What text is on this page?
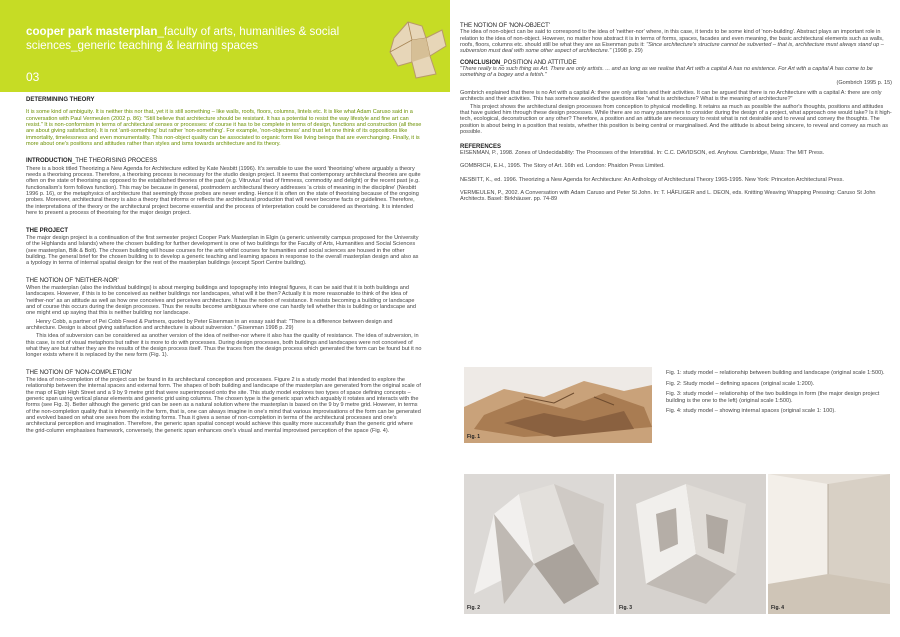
cooper park masterplan_faculty of arts, humanities & social sciences_generic teaching & learning spaces
03
DETERMINING THEORY

It is some kind of ambiguity. It is neither this nor that, yet it is still something – like walls, roofs, floors, columns, lintels etc. It is like what Adam Caruso said in a conversation with Paul Vermeulen (2002 p. 86): "Still believe that architecture should be resistant. It has a potential to resist the way lifestyle and fine art can resist." It is non-conformism in terms of architectural senses or processes: of course it has to be complete in terms of design, functions and construction (all these are about giving satisfaction). It is not 'anti-something' but rather 'non-something'. For example, 'non-objectness' and trust let one think of its oppositions like immortality, timelessness and even monumentality. This non-object quality can be associated to organic form like living beings that are everchanging. Finally, it is more about one's positions and attitudes rather than styles and isms towards architecture and its theory.

INTRODUCTION_THE THEORISING PROCESS

There is a book titled Theorizing a New Agenda for Architecture edited by Kate Nesbitt (1996). It's sensible to use the word 'theorising' where arguably a theory needs a theorising process. Therefore, a theorising process is necessary for the studio design project. It seems that contemporary architectural theories are quite often on the state of theorising as opposed to the established theories of the past (e.g. Vitruvius' triad of firmness, commodity and delight) or the recent past (e.g. functionalism's form follows function). This may be because in general, postmodern architectural theory addresses 'a crisis of meaning in the discipline' (Nesbitt 1996 p. 16), or the metaphysics of architecture that seemingly those probes are never ending. Hence it is often on the state of theorising because of the ongoing probes. Moreover, architectural theory is also a theory that informs or reflects the architectural production that will never become facts or guidelines. Therefore, the interpretations of the theory or the architectural project become essential and the process of interpretation could be considered as theorising. It is intended here to present a process of theorising for the major design project.

THE PROJECT

The major design project is a continuation of the first semester project Cooper Park Masterplan in Elgin (a generic university campus proposed for the University of the Highlands and Islands) where the chosen building for further development is one of two buildings for the Faculty of Arts, Humanities and Social Sciences (see masterplan, Bilk & Bolt). The chosen building will house courses for the arts whilst courses for humanities and social sciences are housed in the other building. The general brief for the chosen building is to develop a generic teaching and learning spaces in response to the overall masterplan design and also as a typology in terms of internal spatial design for the rest of the masterplan buildings (except Sport Centre building).

THE NOTION OF 'NEITHER-NOR'

When the masterplan (also the individual buildings) is about merging buildings and topography into integral figures, it can be said that it is both buildings and landscapes. However, if this is to be conceived as neither buildings nor landscapes, what will it be then? Actually it is more reasonable to think of the idea of 'neither-nor' as an attitude as well as how one conceives and perceives architecture. It has the notion of resistance. It resists becoming a building or landscape and of course this occurs during the design processes. Thus the results become ambiguous where one can hardly tell whether this is building or landscape and one might end up saying that this is neither building nor landscape.

Henry Cobb, a partner of Pei Cobb Freed & Partners, quoted by Peter Eisenman in an essay said that: "There is a difference between design and architecture. Design is about giving satisfaction and architecture is about subversion." (Eisenman 1998 p. 29)

This idea of subversion can be considered as another version of the idea of neither-nor where it also has the quality of resistance. The idea of subversion, in this case, is not of visual metaphors but rather it is more to do with processes. During design processes, both buildings and landscapes were not conceived of what they are but rather they are the results of the design process itself. Thus the traces from the design process which generated the form can be found but it no longer exists where it is replaced by the new form (Fig. 1).

THE NOTION OF 'NON-COMPLETION'

The idea of non-completion of the project can be found in its architectural conception and processes. Figure 2 is a study model that intended to explore the relationship between the internal spaces and external form. The shapes of both building and landscape of the masterplan are generated from the original scale of the map of Elgin High Street and a 9 by 9 metre grid that were superimposed onto the site. This study model explores two types of space defining concepts – generic span using vertical planar elements and generic grid using columns. The chosen type is the generic span which arguably it rotates and interacts with the forms (see Fig. 3). Better although the generic grid can be seen as a natural solution where the masterplan is based on the 9 by 9 metre grid. However, in terms of the non-completion quality that is inherently in the form, that is, one can always imagine in one's mind that various improvisations of the form can be generated and evolved based on what one sees from the existing forms. Thus it gives a sense of non-completion in terms of the architectural processes and one's architectural perception and imagination. Therefore, the generic span spatial concept would achieve this quality more successfully than the generic grid where the grid-column emphasises framework, conversely, the generic span enhances one's visual and mental improvised perception of the space (Fig. 4).

THE NOTION OF 'NON-OBJECT'

The idea of non-object can be said to correspond to the idea of 'neither-nor' where, in this case, it tends to be some kind of 'non-building'. Abstract plays an important role in relation to the idea of non-object. However, no matter how abstract it is in terms of forms, spaces, facades and even meaning, the basic architectural elements such as walls, roofs, floors, columns etc. should still be what they are as Eisenman puts it: "Since architecture's structure cannot be subverted – that is, architecture must always stand up – subversion must deal with some other aspect of architecture." (1998 p. 29)

CONCLUSION_POSITION AND ATTITUDE

"There really is no such thing as Art. There are only artists. ... and as long as we realise that Art with a capital A has no existence. For Art with a capital A has come to be something of a bogey and a fetish."

(Gombrich 1995 p. 15)

Gombrich explained that there is no Art with a capital A: there are only artists and their activities. It can be argued that there is no Architecture with a capital A: there are only architects and their activities. This has somehow avoided the questions like "what is architecture? What is the meaning of architecture?"

This project shows the architectural design processes from conception to physical modelling. It retains as much as possible the author's thoughts, positions and attitudes that have guided him through these design processes. While there are so many parameters to consider during the design of a project, what approach one would take? Is it high-tech, ecological, deconstruction or any other? Therefore, a position and an attitude are necessary to resist what is not desirable and to reveal and convey the thoughts. The position is about being in a position that resists, whether this position is being central or marginalised. And the attitude is about being sincere, to reveal and convey as much as possible.

REFERENCES

EISENMAN, P., 1998. Zones of Undecidability: The Processes of the Interstitial. In: C.C. DAVIDSON, ed. Anyhow. Cambridge, Mass: The MIT Press.

GOMBRICH, E.H., 1995. The Story of Art. 16th ed. London: Phaidon Press Limited.

NESBITT, K., ed. 1996. Theorizing a New Agenda for Architecture: An Anthology of Architectural Theory 1965-1995. New York: Princeton Architectural Press.

VERMEULEN, P., 2002. A Conversation with Adam Caruso and Peter St John. In: T. HÄFLIGER and L. DEON, eds. Knitting Weaving Wrapping Pressing: Caruso St John Architects. Basel: Birkhäuser. pp. 74-89

Fig. 1

Fig. 1: study model – relationship between building and landscape (original scale 1:500).

Fig. 2: Study model – defining spaces (original scale 1:200).

Fig. 3: study model – relationship of the two buildings in form (the major design project building is the one to the left) (original scale 1:500).

Fig. 4: study model – showing internal spaces (original scale 1: 100).

Fig. 2	Fig. 3	Fig. 4
